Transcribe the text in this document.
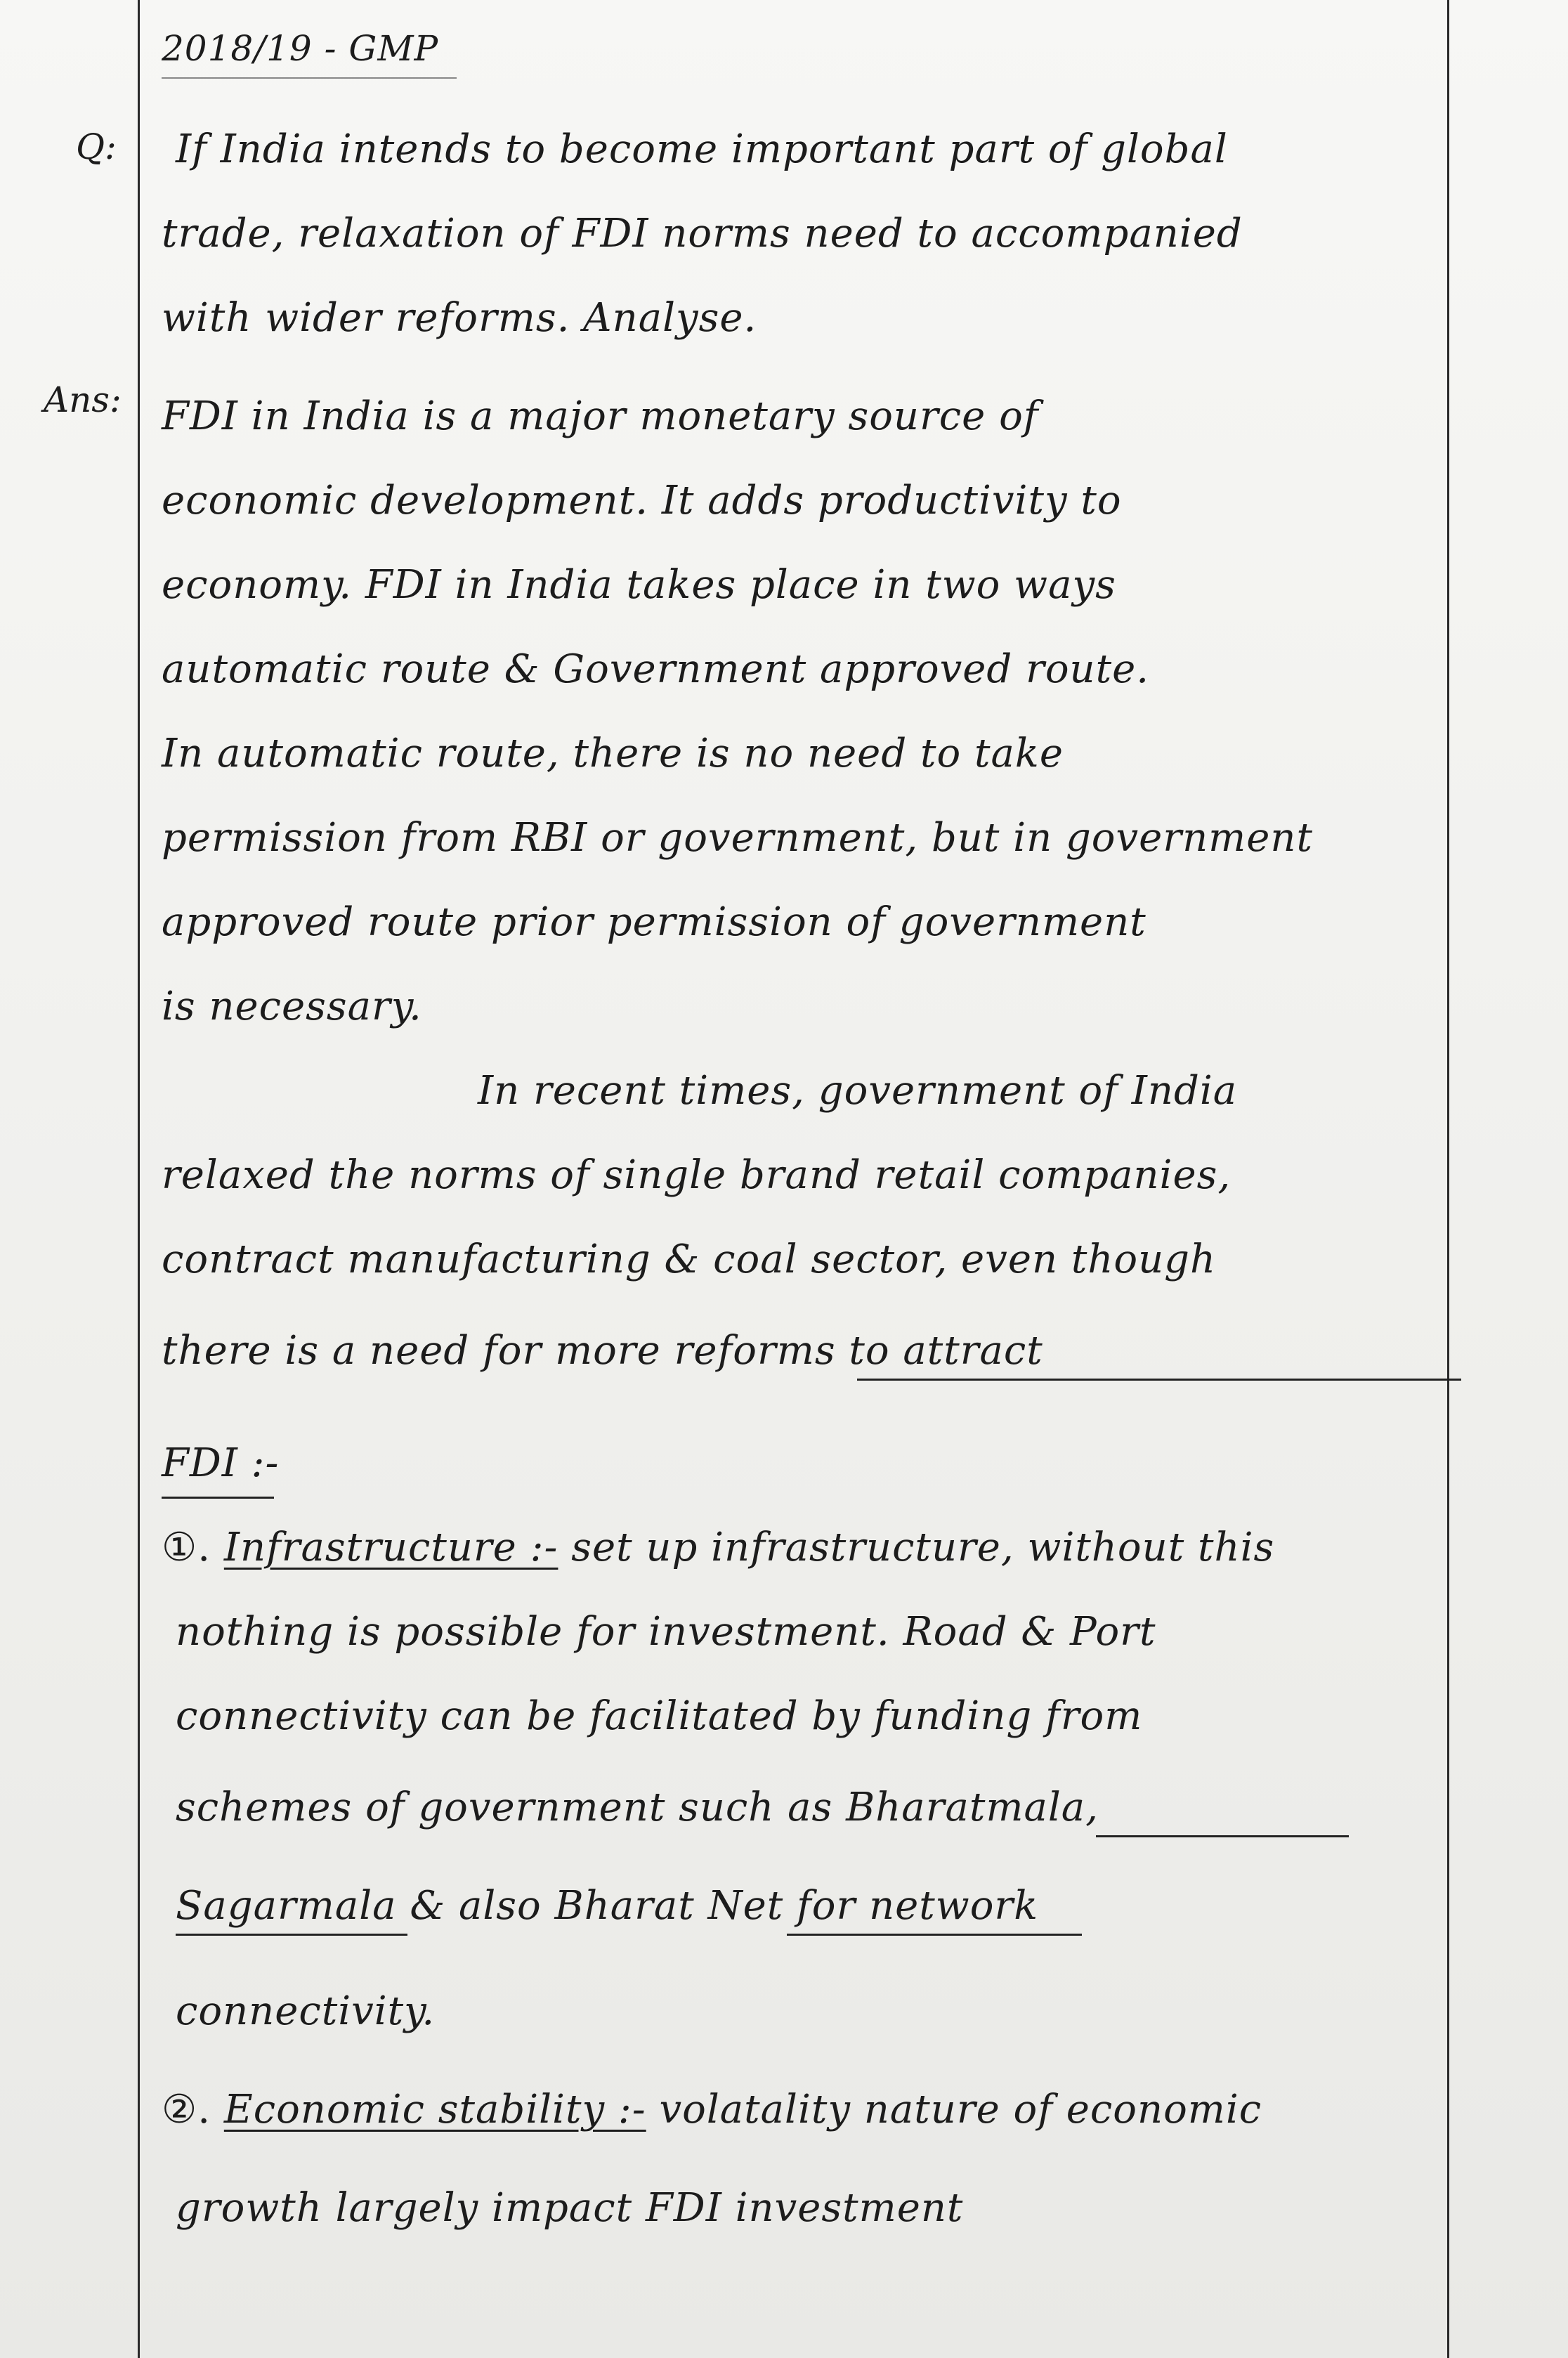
2018/19 - GMP
Q:
Ans:
If India intends to become important part of global
trade, relaxation of FDI norms need to accompanied
with wider reforms. Analyse.
FDI in India is a major monetary source of
economic development. It adds productivity to
economy. FDI in India takes place in two ways
automatic route & Government approved route.
In automatic route, there is no need to take
permission from RBI or government, but in government
approved route prior permission of government
is necessary.
In recent times, government of India
relaxed the norms of single brand retail companies,
contract manufacturing & coal sector, even though
there is a need for more reforms to attract
FDI :-
①. Infrastructure :- set up infrastructure, without this
nothing is possible for investment. Road & Port
connectivity can be facilitated by funding from
schemes of government such as Bharatmala,
Sagarmala & also Bharat Net for network
connectivity.
②. Economic stability :- volatality nature of economic
growth largely impact FDI investment
